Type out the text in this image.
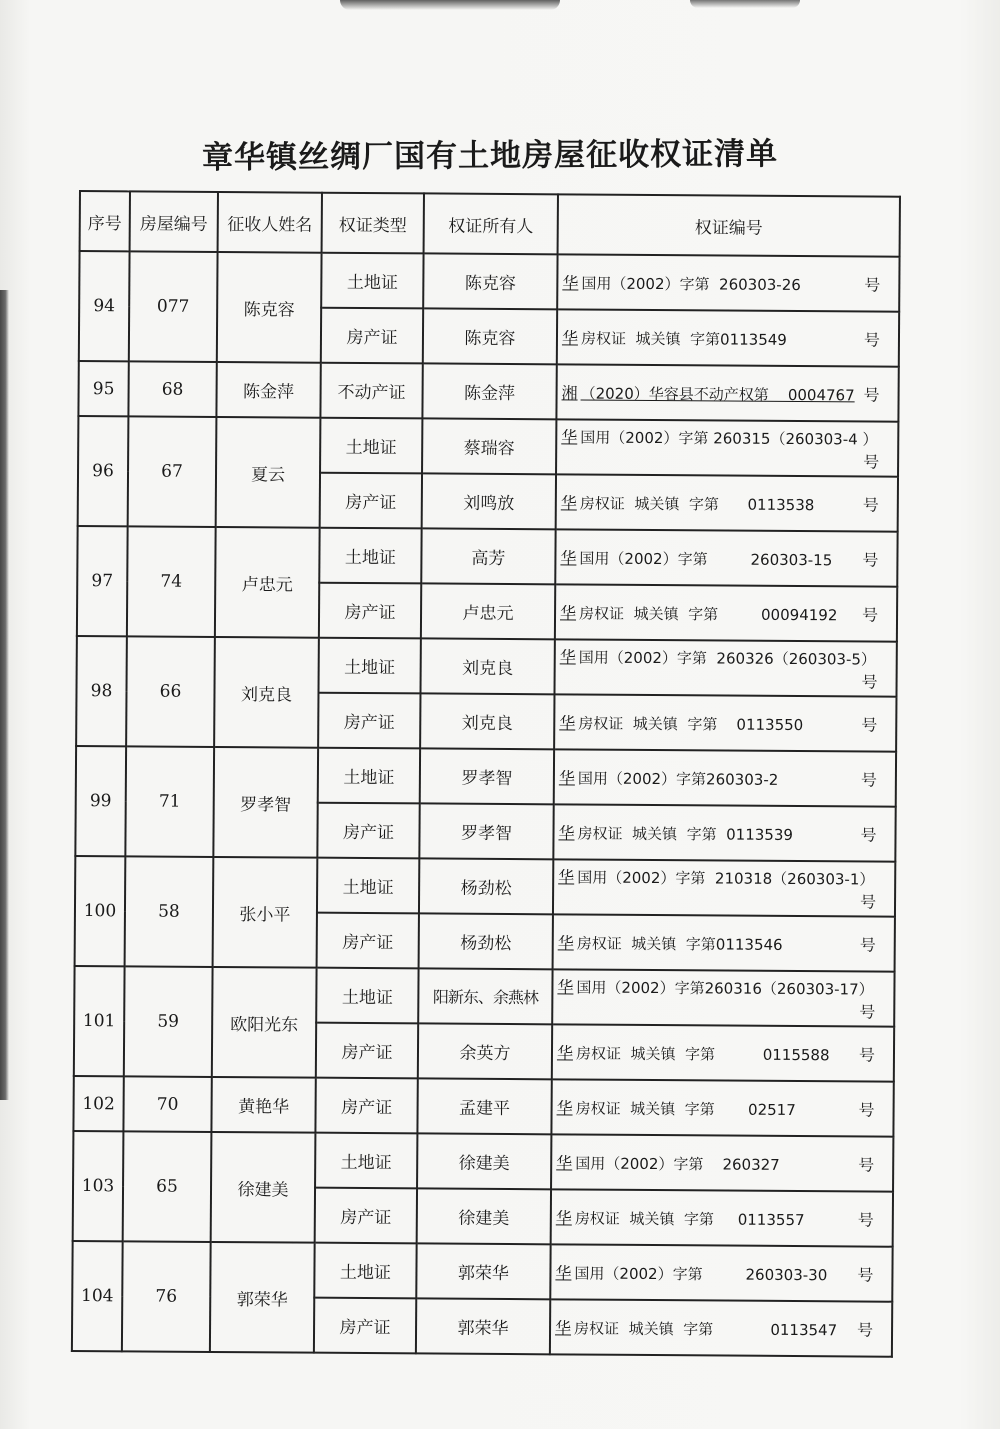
章华镇丝绸厂国有土地房屋征收权证清单
序号	房屋编号	征收人姓名	权证类型	权证所有人	权证编号
94	077	陈克容	土地证	陈克容	华 国用（2002）字第  260303-26 号

			房产证	陈克容	华 房权证  城关镇  字第0113549 号

95	68	陈金萍	不动产证	陈金萍	湘 （2020）华容县不动产权第    0004767 号

96	67	夏云	土地证	蔡瑞容	华 国用（2002）字第 260315（260303-4 ）
号

			房产证	刘鸣放	华 房权证  城关镇  字第      0113538 号

97	74	卢忠元	土地证	高芳	华 国用（2002）字第         260303-15 号

			房产证	卢忠元	华 房权证  城关镇  字第         00094192 号

98	66	刘克良	土地证	刘克良	华 国用（2002）字第  260326（260303-5）
号

			房产证	刘克良	华 房权证  城关镇  字第    0113550 号

99	71	罗孝智	土地证	罗孝智	华 国用（2002）字第260303-2 号

			房产证	罗孝智	华 房权证  城关镇  字第  0113539 号

100	58	张小平	土地证	杨劲松	华 国用（2002）字第  210318（260303-1）
号

			房产证	杨劲松	华 房权证  城关镇  字第0113546 号

101	59	欧阳光东	土地证	阳新东、余燕林	华 国用（2002）字第260316（260303-17）
号

			房产证	余英方	华 房权证  城关镇  字第          0115588 号

102	70	黄艳华	房产证	孟建平	华 房权证  城关镇  字第       02517 号

103	65	徐建美	土地证	徐建美	华 国用（2002）字第    260327 号

			房产证	徐建美	华 房权证  城关镇  字第     0113557 号

104	76	郭荣华	土地证	郭荣华	华 国用（2002）字第         260303-30 号

			房产证	郭荣华	华 房权证  城关镇  字第            0113547 号
